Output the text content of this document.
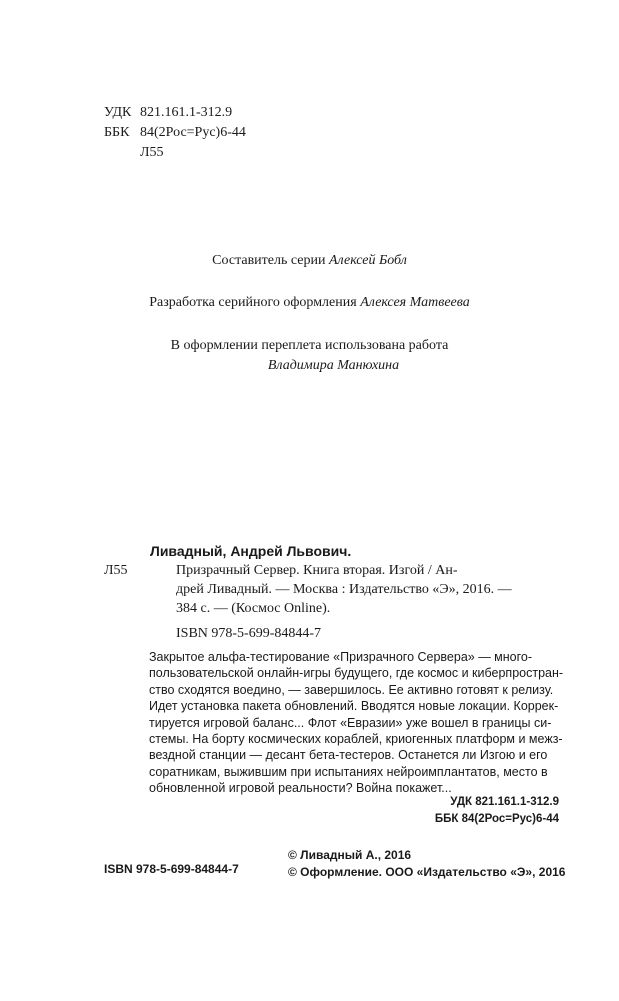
УДК 821.161.1-312.9
ББК 84(2Рос=Рус)6-44
Л55
Составитель серии Алексей Бобл
Разработка серийного оформления Алексея Матвеева
В оформлении переплета использована работа
Владимира Манюхина
Ливадный, Андрей Львович.
Л55	Призрачный Сервер. Книга вторая. Изгой / Ан-
дрей Ливадный. — Москва : Издательство «Э», 2016. —
384 с. — (Космос Online).
ISBN 978-5-699-84844-7
Закрытое альфа-тестирование «Призрачного Сервера» — много-
пользовательской онлайн-игры будущего, где космос и киберпростран-
ство сходятся воедино, — завершилось. Ее активно готовят к релизу.
Идет установка пакета обновлений. Вводятся новые локации. Коррек-
тируется игровой баланс... Флот «Евразии» уже вошел в границы си-
стемы. На борту космических кораблей, криогенных платформ и межз-
вездной станции — десант бета-тестеров. Останется ли Изгою и его
соратникам, выжившим при испытаниях нейроимплантатов, место в
обновленной игровой реальности? Война покажет...
УДК 821.161.1-312.9
ББК 84(2Рос=Рус)6-44
ISBN 978-5-699-84844-7
© Ливадный А., 2016
© Оформление. ООО «Издательство «Э», 2016
